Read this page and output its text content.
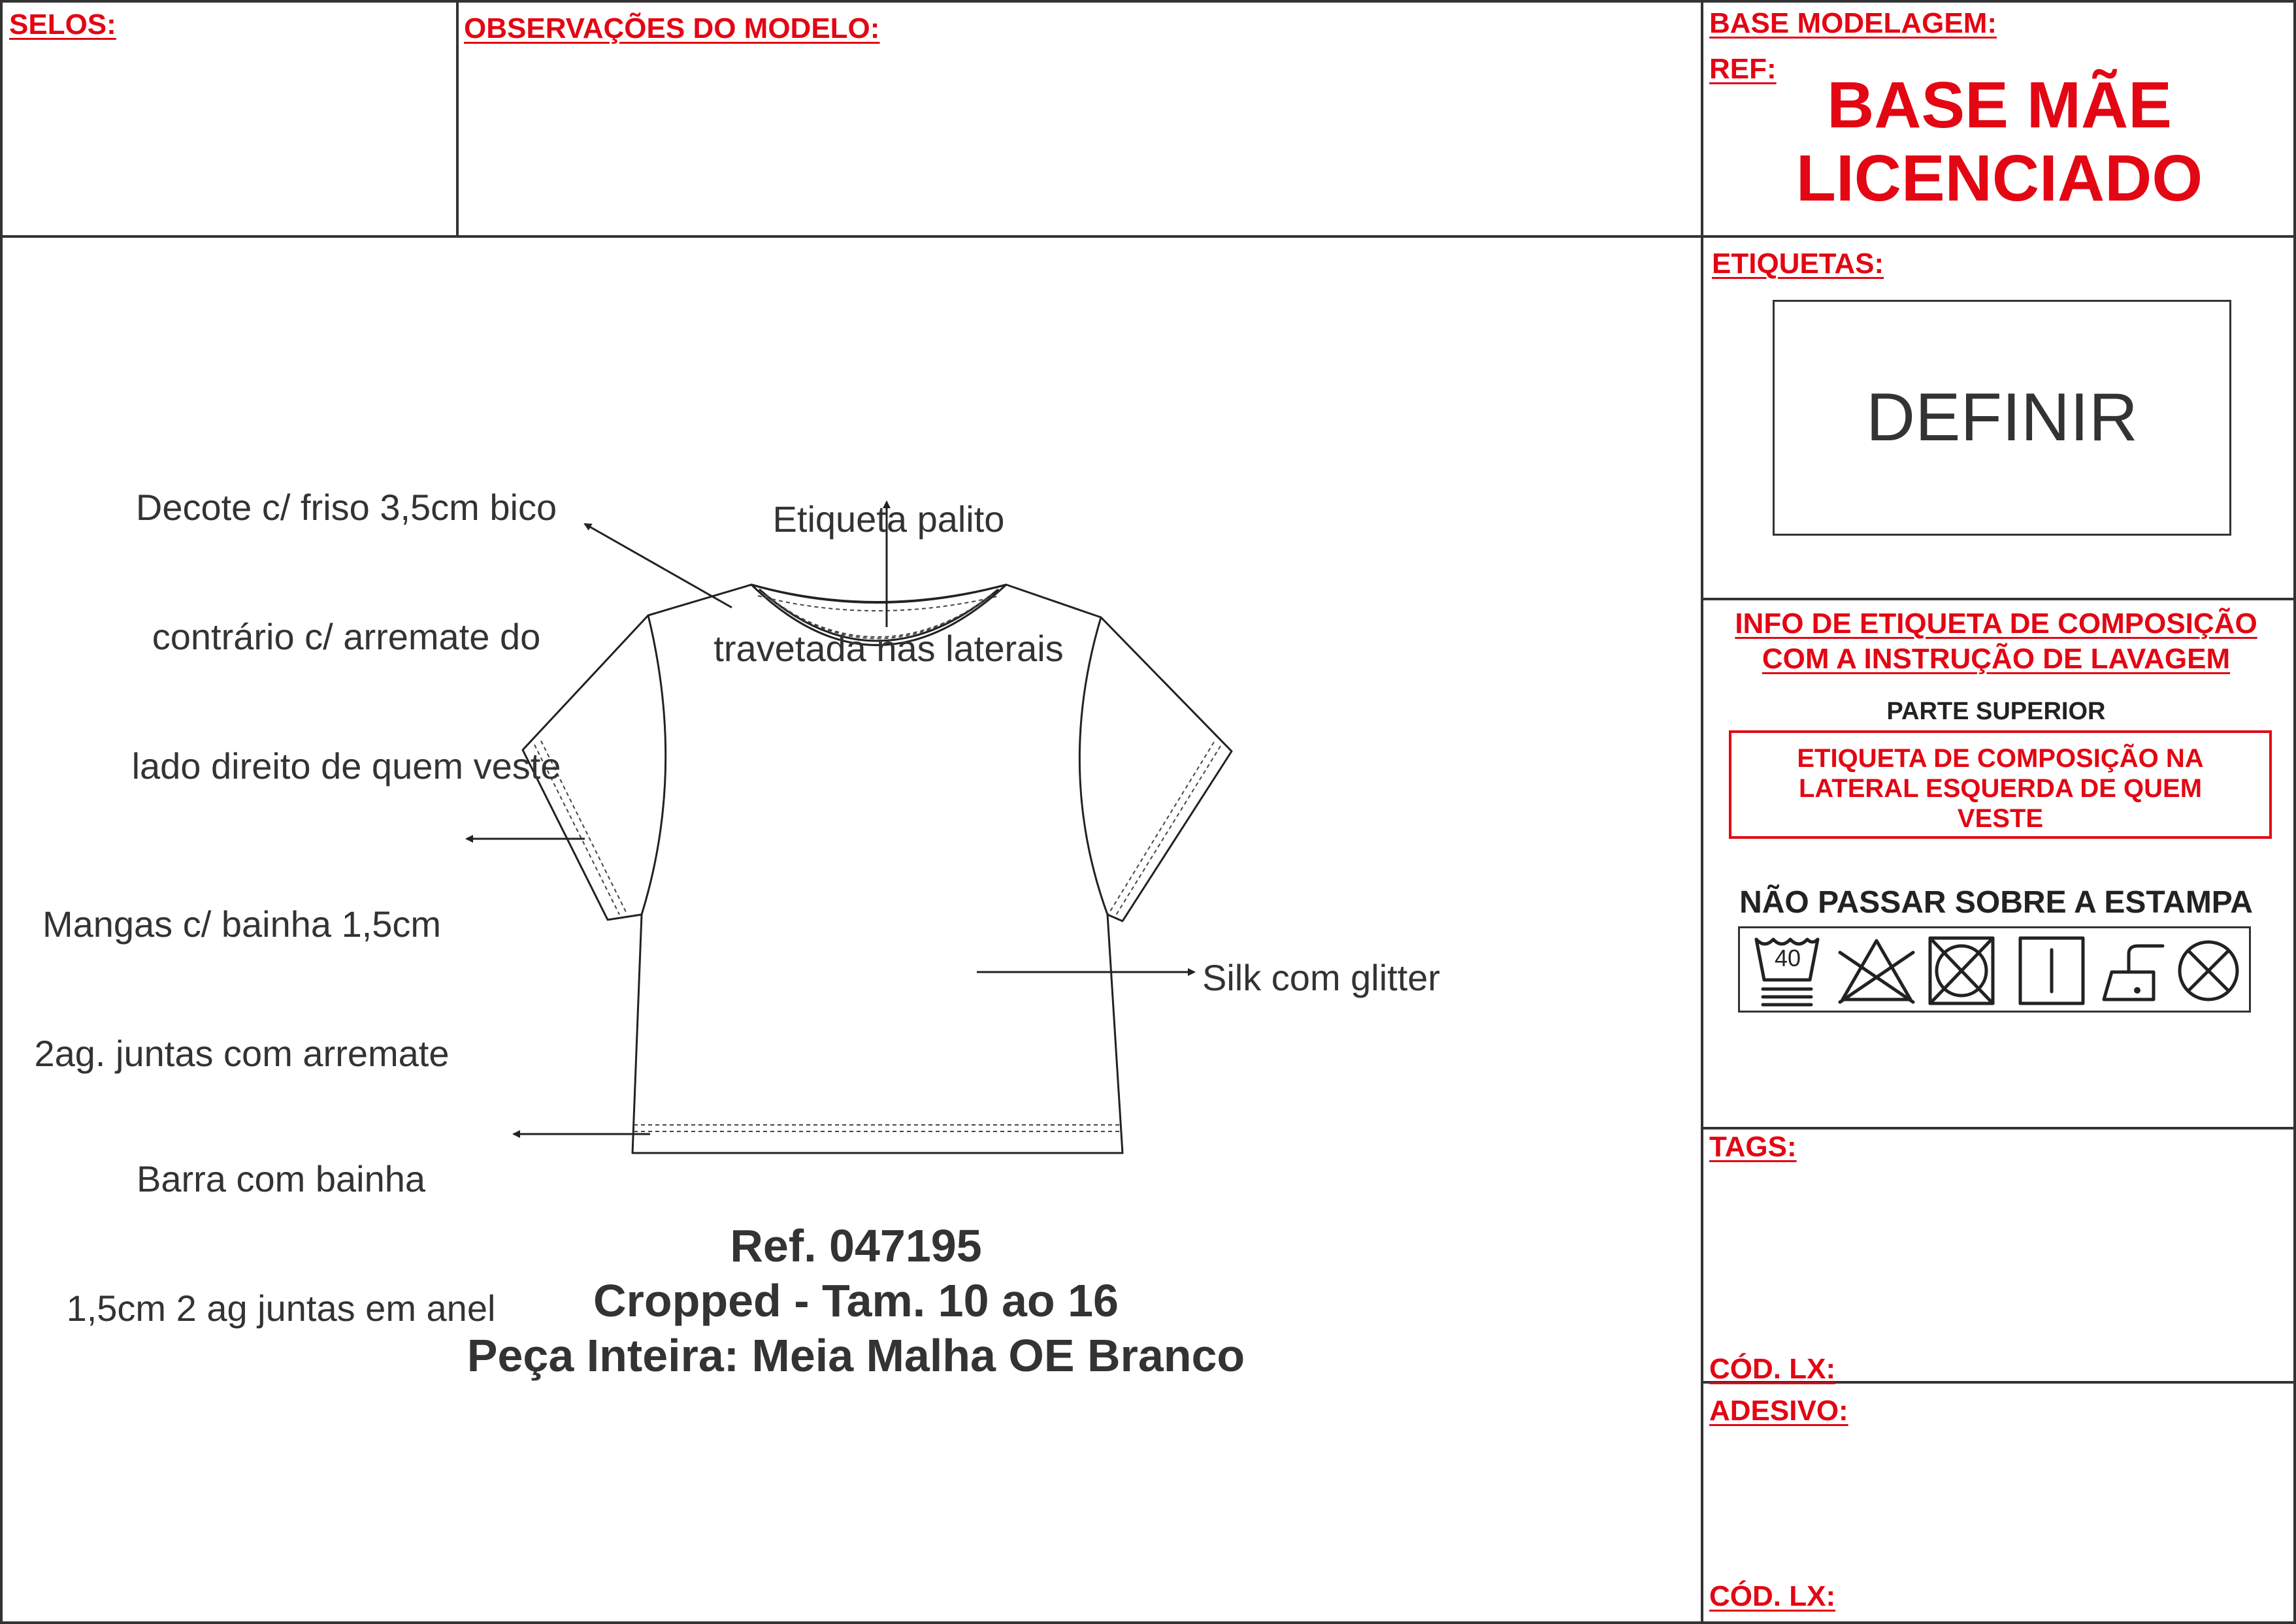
SELOS:	OBSERVAÇÕES DO MODELO:	BASE MODELAGEM:
REF: BASE MÃE
LICENCIADO
ETIQUETAS:
DEFINIR
INFO DE ETIQUETA DE COMPOSIÇÃO
COM A INSTRUÇÃO DE LAVAGEM
PARTE SUPERIOR
ETIQUETA DE COMPOSIÇÃO NA
LATERAL ESQUERDA DE QUEM
VESTE
NÃO PASSAR SOBRE A ESTAMPA
40
TAGS:
CÓD. LX:
ADESIVO:
CÓD. LX:

Decote c/ friso 3,5cm bico

contrário c/ arremate do

lado direito de quem veste

Etiqueta palito

travetada nas laterais

Mangas c/ bainha 1,5cm

2ag. juntas com arremate

Silk com glitter

Barra com bainha

1,5cm 2 ag juntas em anel

Ref. 047195
Cropped - Tam. 10 ao 16
Peça Inteira: Meia Malha OE Branco
